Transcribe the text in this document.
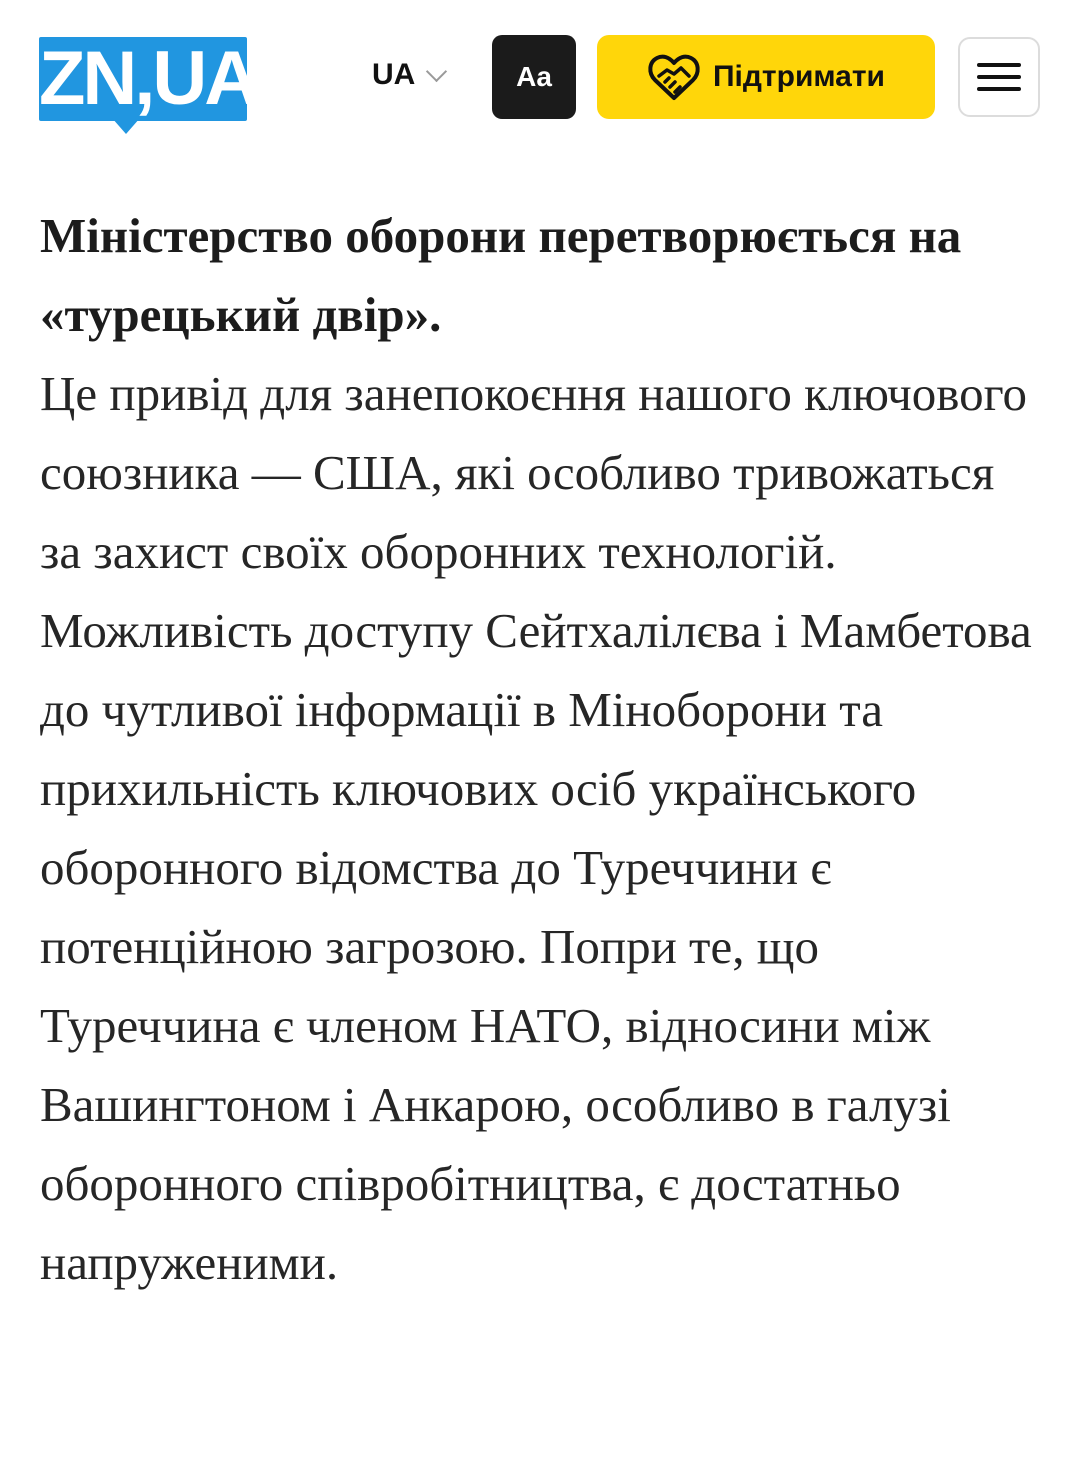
ZN,UA	UA	Aa	Підтримати
Міністерство оборони перетворюється на «турецький двір».
Це привід для занепокоєння нашого ключового союзника — США, які особливо тривожаться за захист своїх оборонних технологій. Можливість доступу Сейтхалілєва і Мамбетова до чутливої інформації в Міноборони та прихильність ключових осіб українського оборонного відомства до Туреччини є потенційною загрозою. Попри те, що Туреччина є членом НАТО, відносини між Вашингтоном і Анкарою, особливо в галузі оборонного співробітництва, є достатньо напруженими.
